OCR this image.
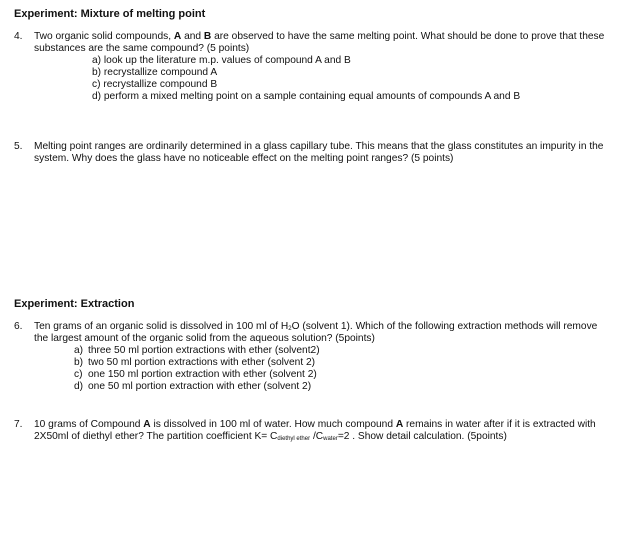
Experiment: Mixture of melting point
4. Two organic solid compounds, A and B are observed to have the same melting point. What should be done to prove that these substances are the same compound? (5 points)
a) look up the literature m.p. values of compound A and B
b) recrystallize compound A
c) recrystallize compound B
d) perform a mixed melting point on a sample containing equal amounts of compounds A and B
5. Melting point ranges are ordinarily determined in a glass capillary tube. This means that the glass constitutes an impurity in the system. Why does the glass have no noticeable effect on the melting point ranges? (5 points)
Experiment: Extraction
6. Ten grams of an organic solid is dissolved in 100 ml of $H_2O$ (solvent 1). Which of the following extraction methods will remove the largest amount of the organic solid from the aqueous solution? (5points)
a) three 50 ml portion extractions with ether (solvent2)
b) two 50 ml portion extractions with ether (solvent 2)
c) one 150 ml portion extraction with ether (solvent 2)
d) one 50 ml portion extraction with ether (solvent 2)
7. 10 grams of Compound A is dissolved in 100 ml of water. How much compound A remains in water after if it is extracted with 2X50ml of diethyl ether? The partition coefficient $K= C_{diethyl ether}$ $/C_{water}=2$ . Show detail calculation. (5points)
